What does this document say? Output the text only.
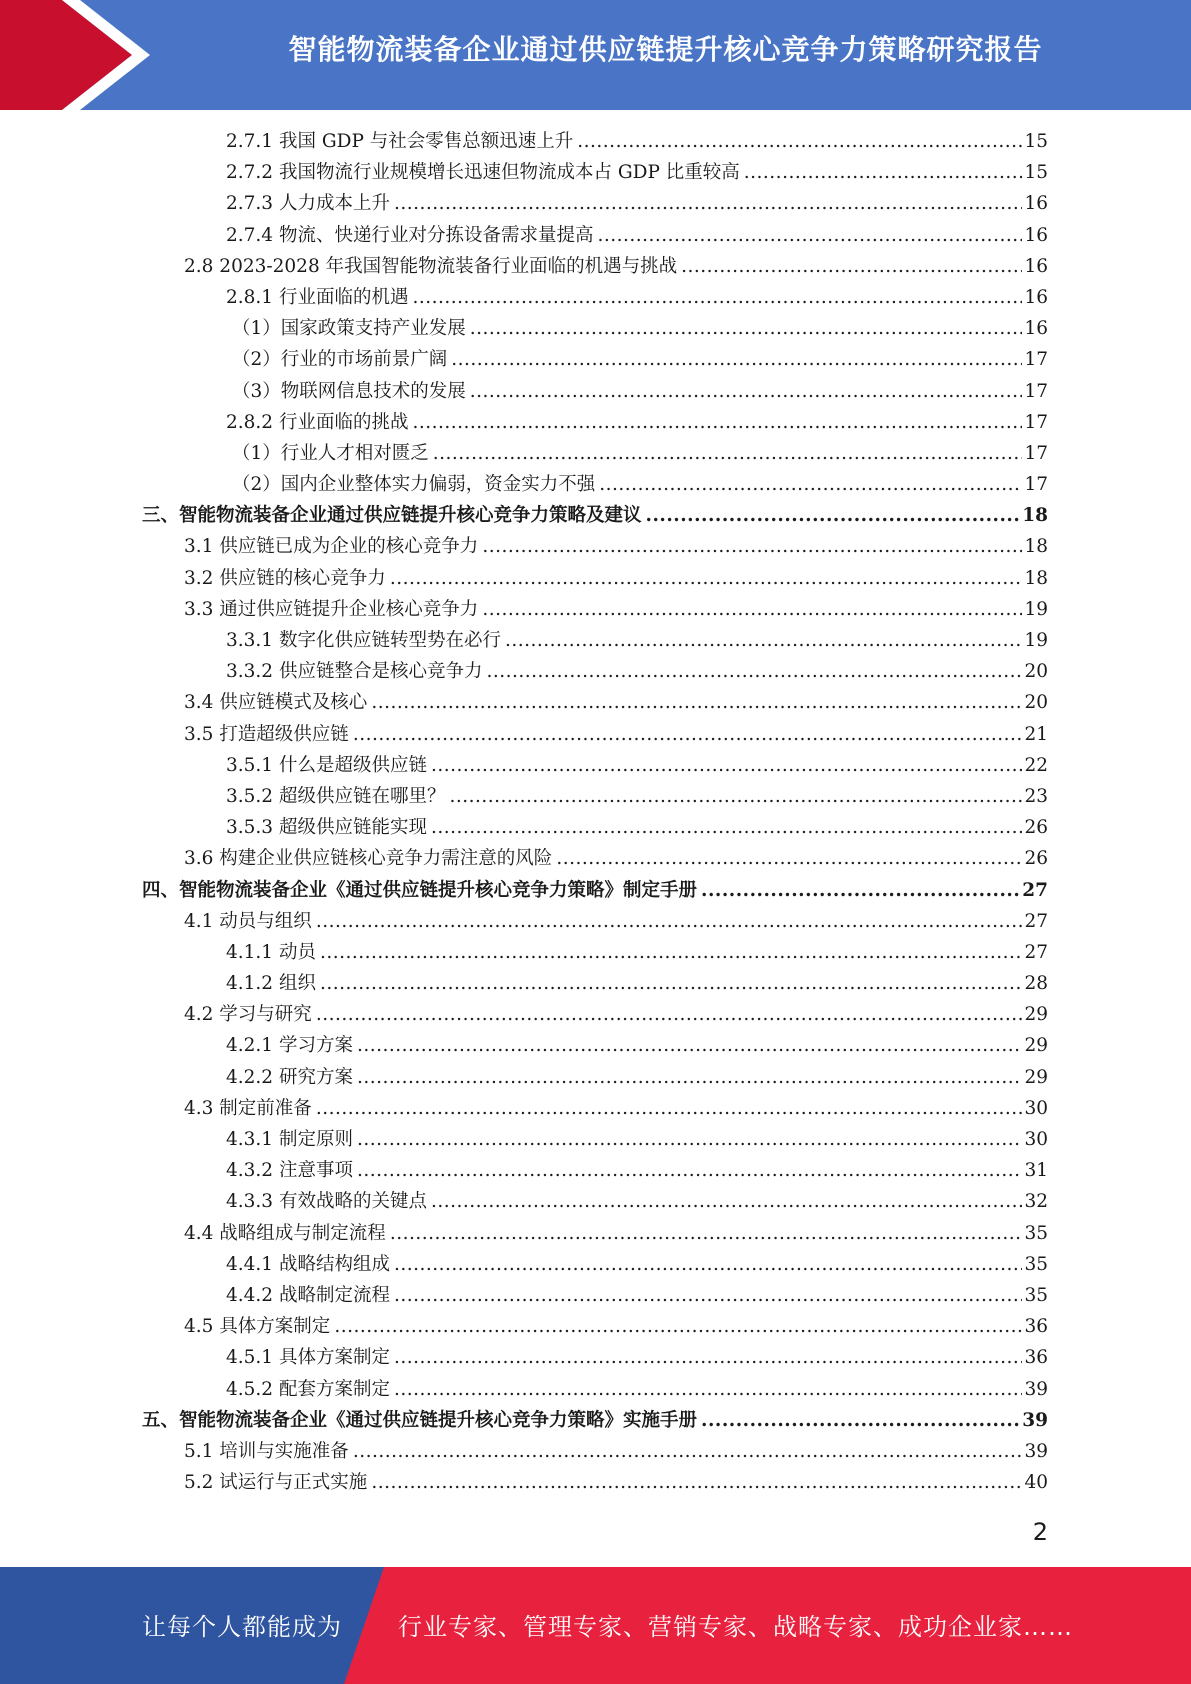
智能物流装备企业通过供应链提升核心竞争力策略研究报告
2.7.1 我国 GDP 与社会零售总额迅速上升 .....	15
2.7.2 我国物流行业规模增长迅速但物流成本占 GDP 比重较高 .....	15
2.7.3 人力成本上升 .....	16
2.7.4 物流、快递行业对分拣设备需求量提高 .....	16
2.8 2023-2028 年我国智能物流装备行业面临的机遇与挑战 .....	16
2.8.1 行业面临的机遇 .....	16
（1）国家政策支持产业发展 .....	16
（2）行业的市场前景广阔 .....	17
（3）物联网信息技术的发展 .....	17
2.8.2 行业面临的挑战 .....	17
（1）行业人才相对匮乏 .....	17
（2）国内企业整体实力偏弱，资金实力不强 .....	17
三、智能物流装备企业通过供应链提升核心竞争力策略及建议 .....	18
3.1 供应链已成为企业的核心竞争力 .....	18
3.2 供应链的核心竞争力 .....	18
3.3 通过供应链提升企业核心竞争力 .....	19
3.3.1 数字化供应链转型势在必行 .....	19
3.3.2 供应链整合是核心竞争力 .....	20
3.4 供应链模式及核心 .....	20
3.5 打造超级供应链 .....	21
3.5.1 什么是超级供应链 .....	22
3.5.2 超级供应链在哪里？ .....	23
3.5.3 超级供应链能实现 .....	26
3.6 构建企业供应链核心竞争力需注意的风险 .....	26
四、智能物流装备企业《通过供应链提升核心竞争力策略》制定手册 .....	27
4.1 动员与组织 .....	27
4.1.1 动员 .....	27
4.1.2 组织 .....	28
4.2 学习与研究 .....	29
4.2.1 学习方案 .....	29
4.2.2 研究方案 .....	29
4.3 制定前准备 .....	30
4.3.1 制定原则 .....	30
4.3.2 注意事项 .....	31
4.3.3 有效战略的关键点 .....	32
4.4 战略组成与制定流程 .....	35
4.4.1 战略结构组成 .....	35
4.4.2 战略制定流程 .....	35
4.5 具体方案制定 .....	36
4.5.1 具体方案制定 .....	36
4.5.2 配套方案制定 .....	39
五、智能物流装备企业《通过供应链提升核心竞争力策略》实施手册 .....	39
5.1 培训与实施准备 .....	39
5.2 试运行与正式实施 .....	40
2
让每个人都能成为 行业专家、管理专家、营销专家、战略专家、成功企业家……
